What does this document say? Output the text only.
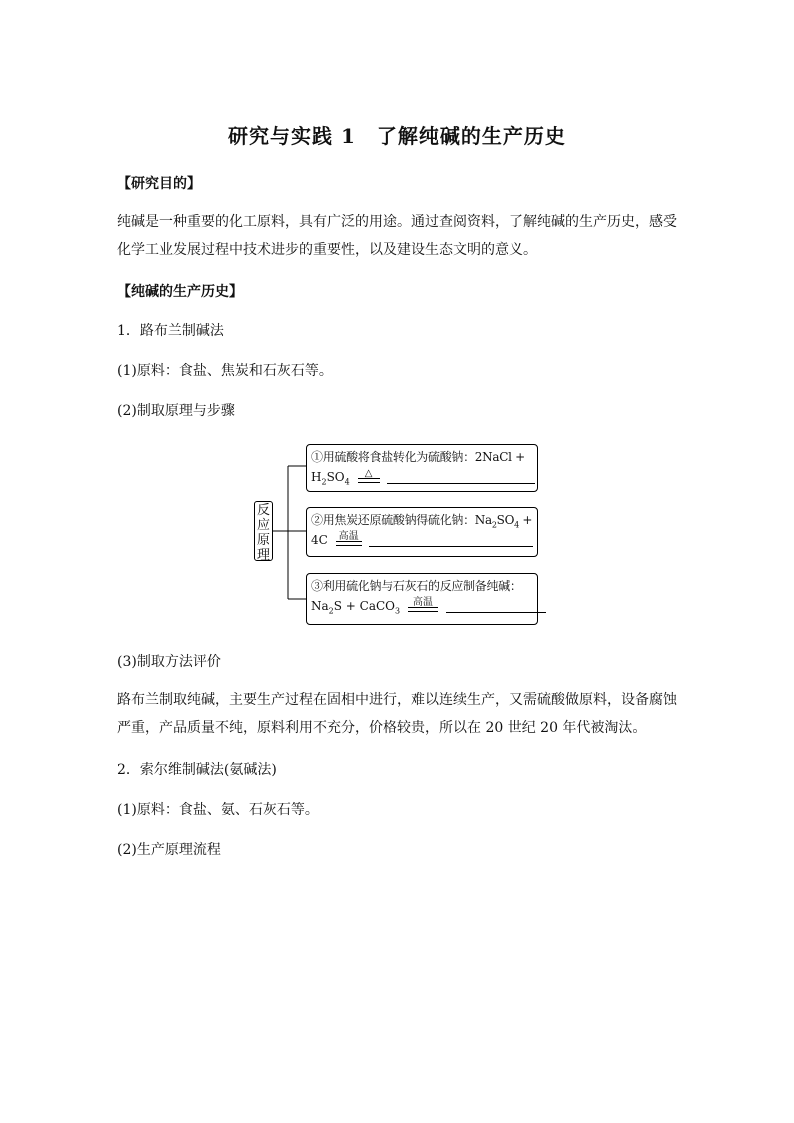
研究与实践 1　了解纯碱的生产历史
【研究目的】
纯碱是一种重要的化工原料，具有广泛的用途。通过查阅资料，了解纯碱的生产历史，感受
化学工业发展过程中技术进步的重要性，以及建设生态文明的意义。
【纯碱的生产历史】
1．路布兰制碱法
(1)原料：食盐、焦炭和石灰石等。
(2)制取原理与步骤
反
应
原
理
①用硫酸将食盐转化为硫酸钠：2NaCl +
$H_2SO_4$
△

②用焦炭还原硫酸钠得硫化钠：$Na_2SO_4$ +
4C	高温

③利用硫化钠与石灰石的反应制备纯碱：
$Na_2S$ + CaCO$_3$
高温

(3)制取方法评价
路布兰制取纯碱，主要生产过程在固相中进行，难以连续生产，又需硫酸做原料，设备腐蚀
严重，产品质量不纯，原料利用不充分，价格较贵，所以在 20 世纪 20 年代被淘汰。
2．索尔维制碱法(氨碱法)
(1)原料：食盐、氨、石灰石等。
(2)生产原理流程
